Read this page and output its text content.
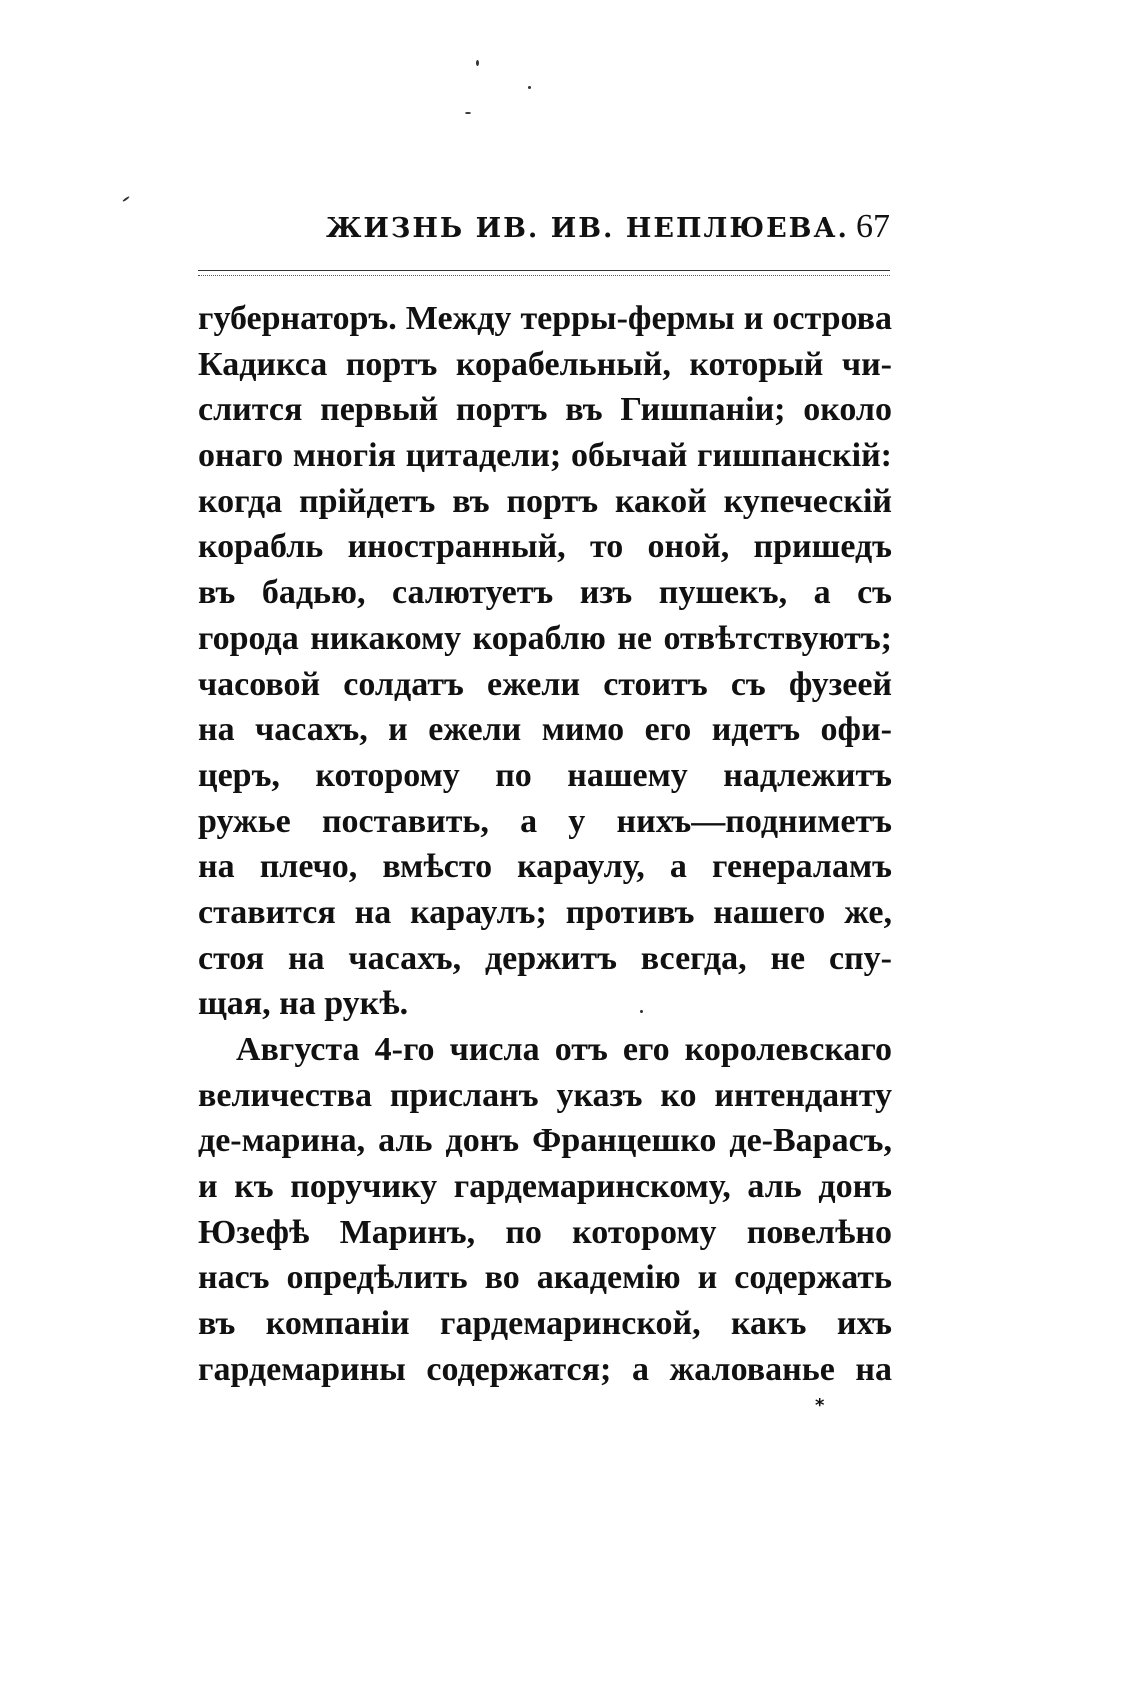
ЖИЗНЬ ИВ. ИВ. НЕПЛЮЕВА. 67
губернаторъ. Между терры-фермы и острова
Кадикса портъ корабельный, который чи-
слится первый портъ въ Гишпаніи; около
онаго многія цитадели; обычай гишпанскій:
когда прійдетъ въ портъ какой купеческій
корабль иностранный, то оной, пришедъ
въ бадью, салютуетъ изъ пушекъ, а съ
города никакому кораблю не отвѣтствуютъ;
часовой солдатъ ежели стоитъ съ фузеей
на часахъ, и ежели мимо его идетъ офи-
церъ, которому по нашему надлежитъ
ружье поставить, а у нихъ—подниметъ
на плечо, вмѣсто караулу, а генераламъ
ставится на караулъ; противъ нашего же,
стоя на часахъ, держитъ всегда, не спу-
щая, на рукѣ.
Августа 4-го числа отъ его королевскаго
величества присланъ указъ ко интенданту
де-марина, аль донъ Францешко де-Варасъ,
и къ поручику гардемаринскому, аль донъ
Юзефѣ Маринъ, по которому повелѣно
насъ опредѣлить во академію и содержать
въ компаніи гардемаринской, какъ ихъ
гардемарины содержатся; а жалованье на
*
